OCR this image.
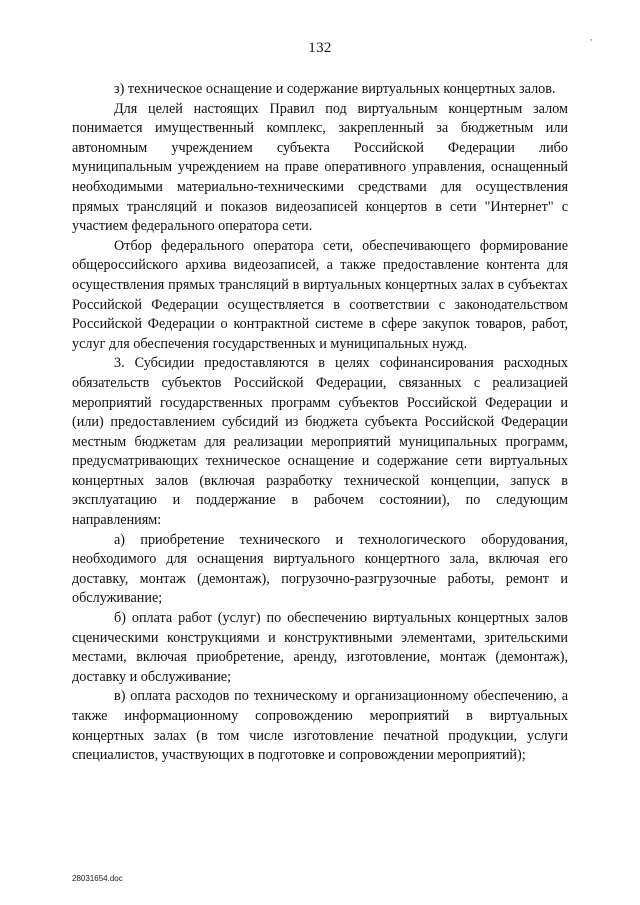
132	'

з) техническое оснащение и содержание виртуальных концертных залов.

Для целей настоящих Правил под виртуальным концертным залом понимается имущественный комплекс, закрепленный за бюджетным или автономным учреждением субъекта Российской Федерации либо муниципальным учреждением на праве оперативного управления, оснащенный необходимыми материально-техническими средствами для осуществления прямых трансляций и показов видеозаписей концертов в сети "Интернет" с участием федерального оператора сети.

Отбор федерального оператора сети, обеспечивающего формирование общероссийского архива видеозаписей, а также предоставление контента для осуществления прямых трансляций в виртуальных концертных залах в субъектах Российской Федерации осуществляется в соответствии с законодательством Российской Федерации о контрактной системе в сфере закупок товаров, работ, услуг для обеспечения государственных и муниципальных нужд.

3. Субсидии предоставляются в целях софинансирования расходных обязательств субъектов Российской Федерации, связанных с реализацией мероприятий государственных программ субъектов Российской Федерации и (или) предоставлением субсидий из бюджета субъекта Российской Федерации местным бюджетам для реализации мероприятий муниципальных программ, предусматривающих техническое оснащение и содержание сети виртуальных концертных залов (включая разработку технической концепции, запуск в эксплуатацию и поддержание в рабочем состоянии), по следующим направлениям:

а) приобретение технического и технологического оборудования, необходимого для оснащения виртуального концертного зала, включая его доставку, монтаж (демонтаж), погрузочно-разгрузочные работы, ремонт и обслуживание;

б) оплата работ (услуг) по обеспечению виртуальных концертных залов сценическими конструкциями и конструктивными элементами, зрительскими местами, включая приобретение, аренду, изготовление, монтаж (демонтаж), доставку и обслуживание;

в) оплата расходов по техническому и организационному обеспечению, а также информационному сопровождению мероприятий в виртуальных концертных залах (в том числе изготовление печатной продукции, услуги специалистов, участвующих в подготовке и сопровождении мероприятий);

28031654.doc
